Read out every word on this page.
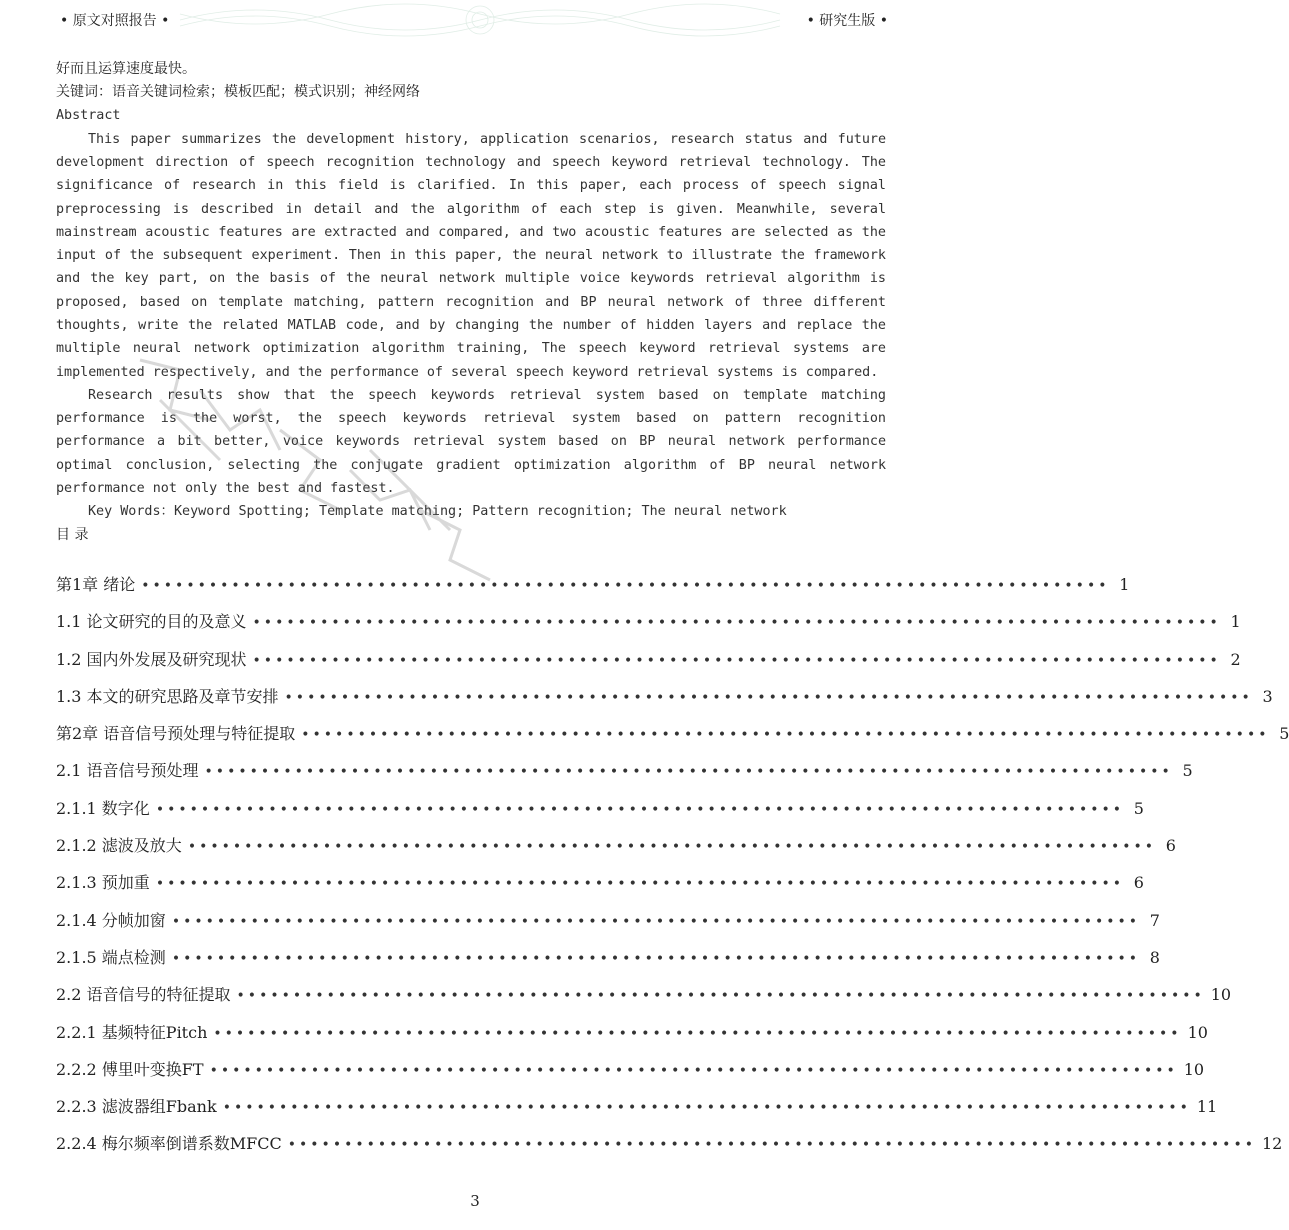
• 原文对照报告 •	• 研究生版 •
好而且运算速度最快。
关键词：语音关键词检索；模板匹配；模式识别；神经网络
Abstract

This paper summarizes the development history, application scenarios, research status and future development direction of speech recognition technology and speech keyword retrieval technology. The significance of research in this field is clarified. In this paper, each process of speech signal preprocessing is described in detail and the algorithm of each step is given. Meanwhile, several mainstream acoustic features are extracted and compared, and two acoustic features are selected as the input of the subsequent experiment. Then in this paper, the neural network to illustrate the framework and the key part, on the basis of the neural network multiple voice keywords retrieval algorithm is proposed, based on template matching, pattern recognition and BP neural network of three different thoughts, write the related MATLAB code, and by changing the number of hidden layers and replace the multiple neural network optimization algorithm training, The speech keyword retrieval systems are implemented respectively, and the performance of several speech keyword retrieval systems is compared.

Research results show that the speech keywords retrieval system based on template matching performance is the worst, the speech keywords retrieval system based on pattern recognition performance a bit better, voice keywords retrieval system based on BP neural network performance optimal conclusion, selecting the conjugate gradient optimization algorithm of BP neural network performance not only the best and fastest.

Key Words：Keyword Spotting; Template matching; Pattern recognition; The neural network

目 录
第1章 绪论 •••••••••••••••••••••••••••••••••••••••••••••••••••••••••••••••••••••••••••••••••••••• 1
1.1 论文研究的目的及意义 •••••••••••••••••••••••••••••••••••••••••••••••••••••••••••••••••••••••••••••••••••••• 1
1.2 国内外发展及研究现状 •••••••••••••••••••••••••••••••••••••••••••••••••••••••••••••••••••••••••••••••••••••• 2
1.3 本文的研究思路及章节安排 •••••••••••••••••••••••••••••••••••••••••••••••••••••••••••••••••••••••••••••••••••••• 3
第2章 语音信号预处理与特征提取 •••••••••••••••••••••••••••••••••••••••••••••••••••••••••••••••••••••••••••••••••••••• 5
2.1 语音信号预处理 •••••••••••••••••••••••••••••••••••••••••••••••••••••••••••••••••••••••••••••••••••••• 5
2.1.1 数字化 •••••••••••••••••••••••••••••••••••••••••••••••••••••••••••••••••••••••••••••••••••••• 5
2.1.2 滤波及放大 •••••••••••••••••••••••••••••••••••••••••••••••••••••••••••••••••••••••••••••••••••••• 6
2.1.3 预加重 •••••••••••••••••••••••••••••••••••••••••••••••••••••••••••••••••••••••••••••••••••••• 6
2.1.4 分帧加窗 •••••••••••••••••••••••••••••••••••••••••••••••••••••••••••••••••••••••••••••••••••••• 7
2.1.5 端点检测 •••••••••••••••••••••••••••••••••••••••••••••••••••••••••••••••••••••••••••••••••••••• 8
2.2 语音信号的特征提取 •••••••••••••••••••••••••••••••••••••••••••••••••••••••••••••••••••••••••••••••••••••• 10
2.2.1 基频特征Pitch •••••••••••••••••••••••••••••••••••••••••••••••••••••••••••••••••••••••••••••••••••••• 10
2.2.2 傅里叶变换FT •••••••••••••••••••••••••••••••••••••••••••••••••••••••••••••••••••••••••••••••••••••• 10
2.2.3 滤波器组Fbank •••••••••••••••••••••••••••••••••••••••••••••••••••••••••••••••••••••••••••••••••••••• 11
2.2.4 梅尔频率倒谱系数MFCC •••••••••••••••••••••••••••••••••••••••••••••••••••••••••••••••••••••••••••••••••••••• 12
3
